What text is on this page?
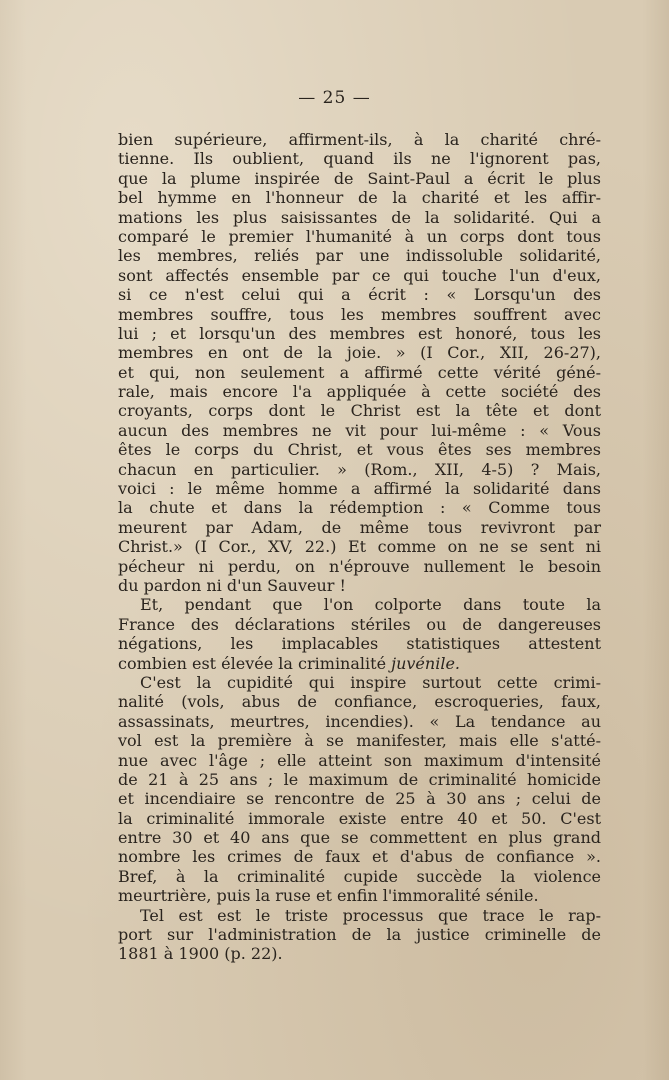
— 25 —
bien supérieure, affirment-ils, à la charité chré-
tienne. Ils oublient, quand ils ne l'ignorent pas,
que la plume inspirée de Saint-Paul a écrit le plus
bel hymme en l'honneur de la charité et les affir-
mations les plus saisissantes de la solidarité. Qui a
comparé le premier l'humanité à un corps dont tous
les membres, reliés par une indissoluble solidarité,
sont affectés ensemble par ce qui touche l'un d'eux,
si ce n'est celui qui a écrit : « Lorsqu'un des
membres souffre, tous les membres souffrent avec
lui ; et lorsqu'un des membres est honoré, tous les
membres en ont de la joie. » (I Cor., XII, 26-27),
et qui, non seulement a affirmé cette vérité géné-
rale, mais encore l'a appliquée à cette société des
croyants, corps dont le Christ est la tête et dont
aucun des membres ne vit pour lui-même : « Vous
êtes le corps du Christ, et vous êtes ses membres
chacun en particulier. » (Rom., XII, 4-5) ? Mais,
voici : le même homme a affirmé la solidarité dans
la chute et dans la rédemption : « Comme tous
meurent par Adam, de même tous revivront par
Christ.» (I Cor., XV, 22.) Et comme on ne se sent ni
pécheur ni perdu, on n'éprouve nullement le besoin
du pardon ni d'un Sauveur !
Et, pendant que l'on colporte dans toute la
France des déclarations stériles ou de dangereuses
négations, les implacables statistiques attestent
combien est élevée la criminalité juvénile.
C'est la cupidité qui inspire surtout cette crimi-
nalité (vols, abus de confiance, escroqueries, faux,
assassinats, meurtres, incendies). « La tendance au
vol est la première à se manifester, mais elle s'atté-
nue avec l'âge ; elle atteint son maximum d'intensité
de 21 à 25 ans ; le maximum de criminalité homicide
et incendiaire se rencontre de 25 à 30 ans ; celui de
la criminalité immorale existe entre 40 et 50. C'est
entre 30 et 40 ans que se commettent en plus grand
nombre les crimes de faux et d'abus de confiance ».
Bref, à la criminalité cupide succède la violence
meurtrière, puis la ruse et enfin l'immoralité sénile.
Tel est est le triste processus que trace le rap-
port sur l'administration de la justice criminelle de
1881 à 1900 (p. 22).
